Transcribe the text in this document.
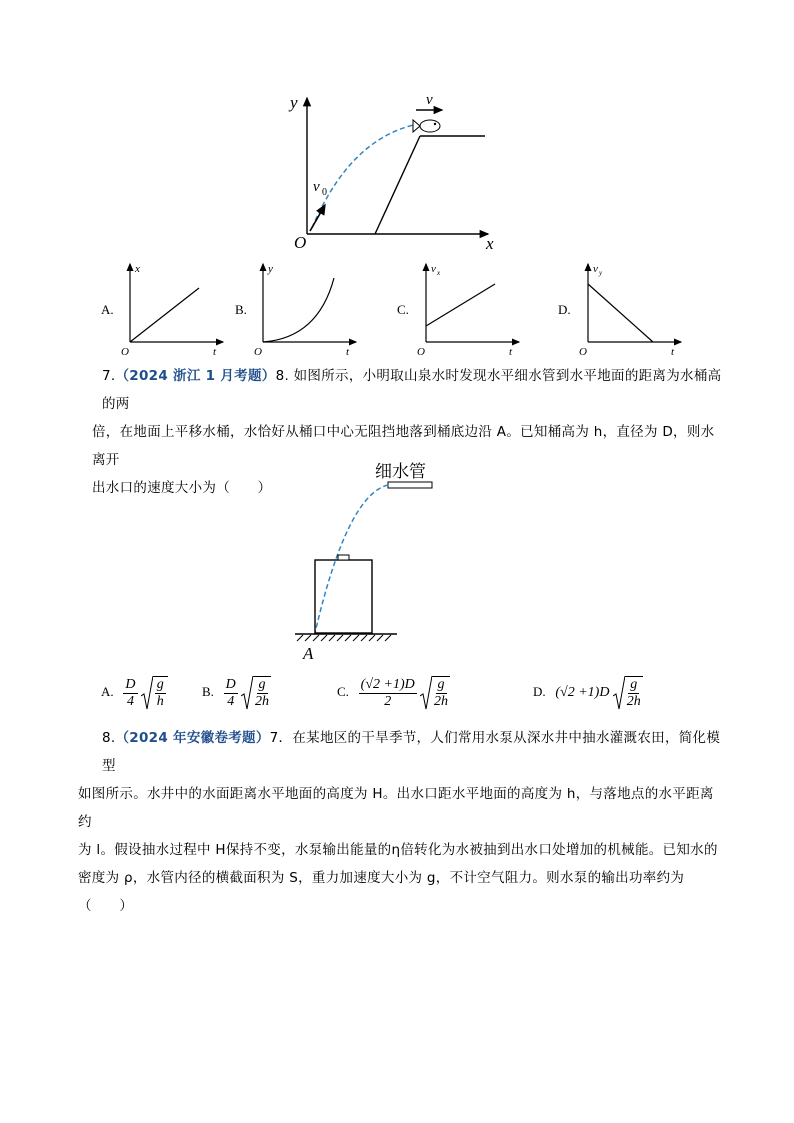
y
x
O
v 0
v
A.
x
t
O
B.
y
t
O
C.
v x
t
O
D.
v y
t
O
7.（2024 浙江 1 月考题）8. 如图所示，小明取山泉水时发现水平细水管到水平地面的距离为水桶高的两
倍，在地面上平移水桶，水恰好从桶口中心无阻挡地落到桶底边沿 A。已知桶高为 h，直径为 D，则水离开
出水口的速度大小为（　　）
细水管
A
A. $\frac{D}{4}$
$\frac{g}{h}$	B. $\frac{D}{4}$
$\frac{g}{2h}$	C. $\frac{(√2 +1)D}{2}$
$\frac{g}{2h}$	D. $(√2 +1)D \frac{g}{2h}$
8.（2024 年安徽卷考题）7．在某地区的干旱季节，人们常用水泵从深水井中抽水灌溉农田，简化模型
如图所示。水井中的水面距离水平地面的高度为 H。出水口距水平地面的高度为 h，与落地点的水平距离约
为 l。假设抽水过程中 H保持不变，水泵输出能量的η倍转化为水被抽到出水口处增加的机械能。已知水的
密度为 ρ，水管内径的横截面积为 S，重力加速度大小为 g，不计空气阻力。则水泵的输出功率约为
（　　）
